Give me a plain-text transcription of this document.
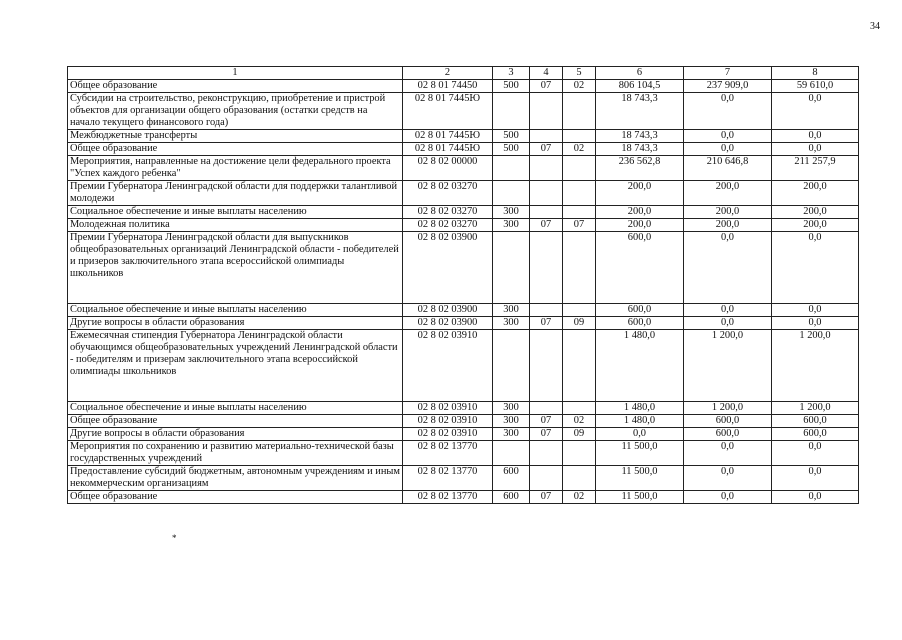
34
1	2	3	4	5	6	7	8
Общее образование	02 8 01 74450	500	07	02	806 104,5	237 909,0	59 610,0
Субсидии на строительство, реконструкцию, приобретение и пристрой объектов для организации общего образования (остатки средств на начало текущего финансового года)	02 8 01 7445Ю				18 743,3	0,0	0,0
Межбюджетные трансферты	02 8 01 7445Ю	500			18 743,3	0,0	0,0
Общее образование	02 8 01 7445Ю	500	07	02	18 743,3	0,0	0,0
Мероприятия, направленные на достижение цели федерального проекта "Успех каждого ребенка"	02 8 02 00000				236 562,8	210 646,8	211 257,9
Премии Губернатора Ленинградской области для поддержки талантливой молодежи	02 8 02 03270				200,0	200,0	200,0
Социальное обеспечение и иные выплаты населению	02 8 02 03270	300			200,0	200,0	200,0
Молодежная политика	02 8 02 03270	300	07	07	200,0	200,0	200,0
Премии Губернатора Ленинградской области для выпускников общеобразовательных организаций Ленинградской области - победителей и призеров заключительного этапа всероссийской олимпиады школьников	02 8 02 03900				600,0	0,0	0,0
Социальное обеспечение и иные выплаты населению	02 8 02 03900	300			600,0	0,0	0,0
Другие вопросы в области образования	02 8 02 03900	300	07	09	600,0	0,0	0,0
Ежемесячная стипендия Губернатора Ленинградской области обучающимся общеобразовательных учреждений Ленинградской области - победителям и призерам заключительного этапа всероссийской олимпиады школьников	02 8 02 03910				1 480,0	1 200,0	1 200,0
Социальное обеспечение и иные выплаты населению	02 8 02 03910	300			1 480,0	1 200,0	1 200,0
Общее образование	02 8 02 03910	300	07	02	1 480,0	600,0	600,0
Другие вопросы в области образования	02 8 02 03910	300	07	09	0,0	600,0	600,0
Мероприятия по сохранению и развитию материально-технической базы государственных учреждений	02 8 02 13770				11 500,0	0,0	0,0
Предоставление субсидий бюджетным, автономным учреждениям и иным некоммерческим организациям	02 8 02 13770	600			11 500,0	0,0	0,0
Общее образование	02 8 02 13770	600	07	02	11 500,0	0,0	0,0
*
